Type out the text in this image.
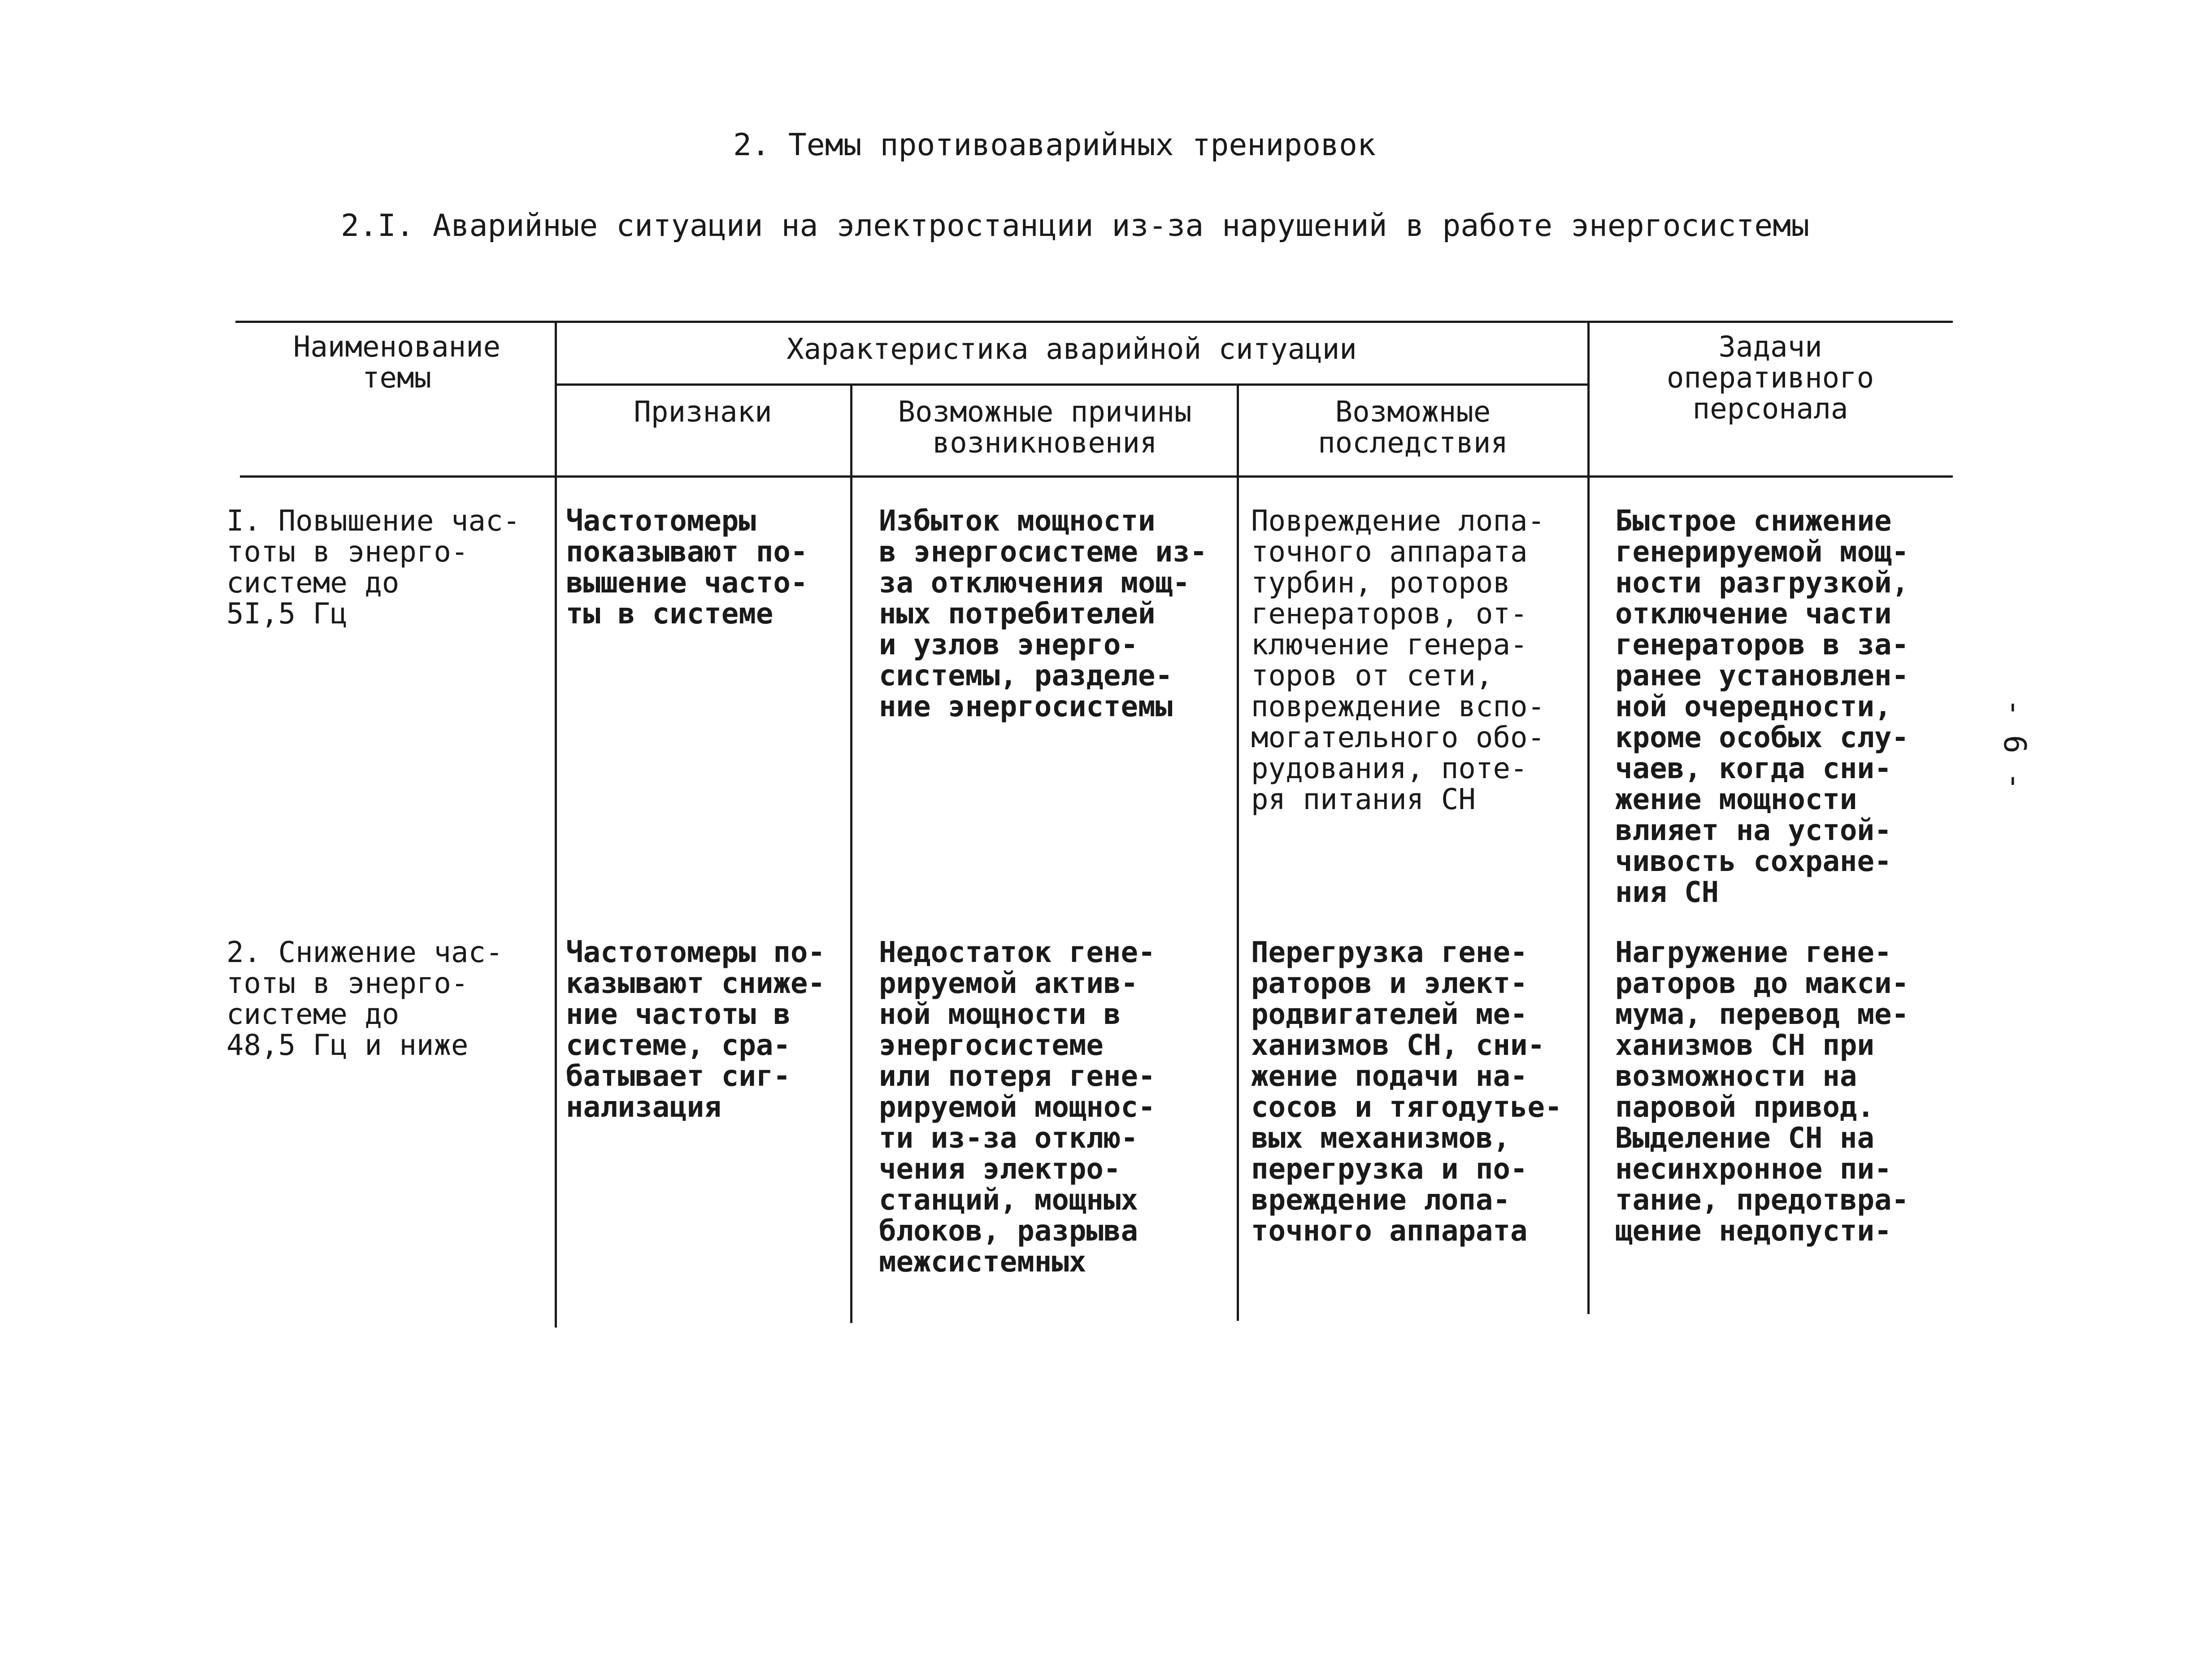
2. Темы противоаварийных тренировок
2.I. Аварийные ситуации на электростанции из-за нарушений в работе энергосистемы
Наименование
темы
Характеристика аварийной ситуации	Задачи
оперативного
персонала
Признаки	Возможные причины
возникновения
Возможные
последствия
I. Повышение час-
тоты в энерго-
системе до
5I,5 Гц
Частотомеры
показывают по-
вышение часто-
ты в системе
Избыток мощности
в энергосистеме из-
за отключения мощ-
ных потребителей
и узлов энерго-
системы, разделе-
ние энергосистемы
Повреждение лопа-
точного аппарата
турбин, роторов
генераторов, от-
ключение генера-
торов от сети,
повреждение вспо-
могательного обо-
рудования, поте-
ря питания СН
Быстрое снижение
генерируемой мощ-
ности разгрузкой,
отключение части
генераторов в за-
ранее установлен-
ной очередности,
кроме особых слу-
чаев, когда сни-
жение мощности
влияет на устой-
чивость сохране-
ния СН
2. Снижение час-
тоты в энерго-
системе до
48,5 Гц и ниже
Частотомеры по-
казывают сниже-
ние частоты в
системе, сра-
батывает сиг-
нализация
Недостаток гене-
рируемой актив-
ной мощности в
энергосистеме
или потеря гене-
рируемой мощнос-
ти из-за отклю-
чения электро-
станций, мощных
блоков, разрыва
межсистемных
Перегрузка гене-
раторов и элект-
родвигателей ме-
ханизмов СН, сни-
жение подачи на-
сосов и тягодутье-
вых механизмов,
перегрузка и по-
вреждение лопа-
точного аппарата
Нагружение гене-
раторов до макси-
мума, перевод ме-
ханизмов СН при
возможности на
паровой привод.
Выделение СН на
несинхронное пи-
тание, предотвра-
щение недопусти-
- 6 -
